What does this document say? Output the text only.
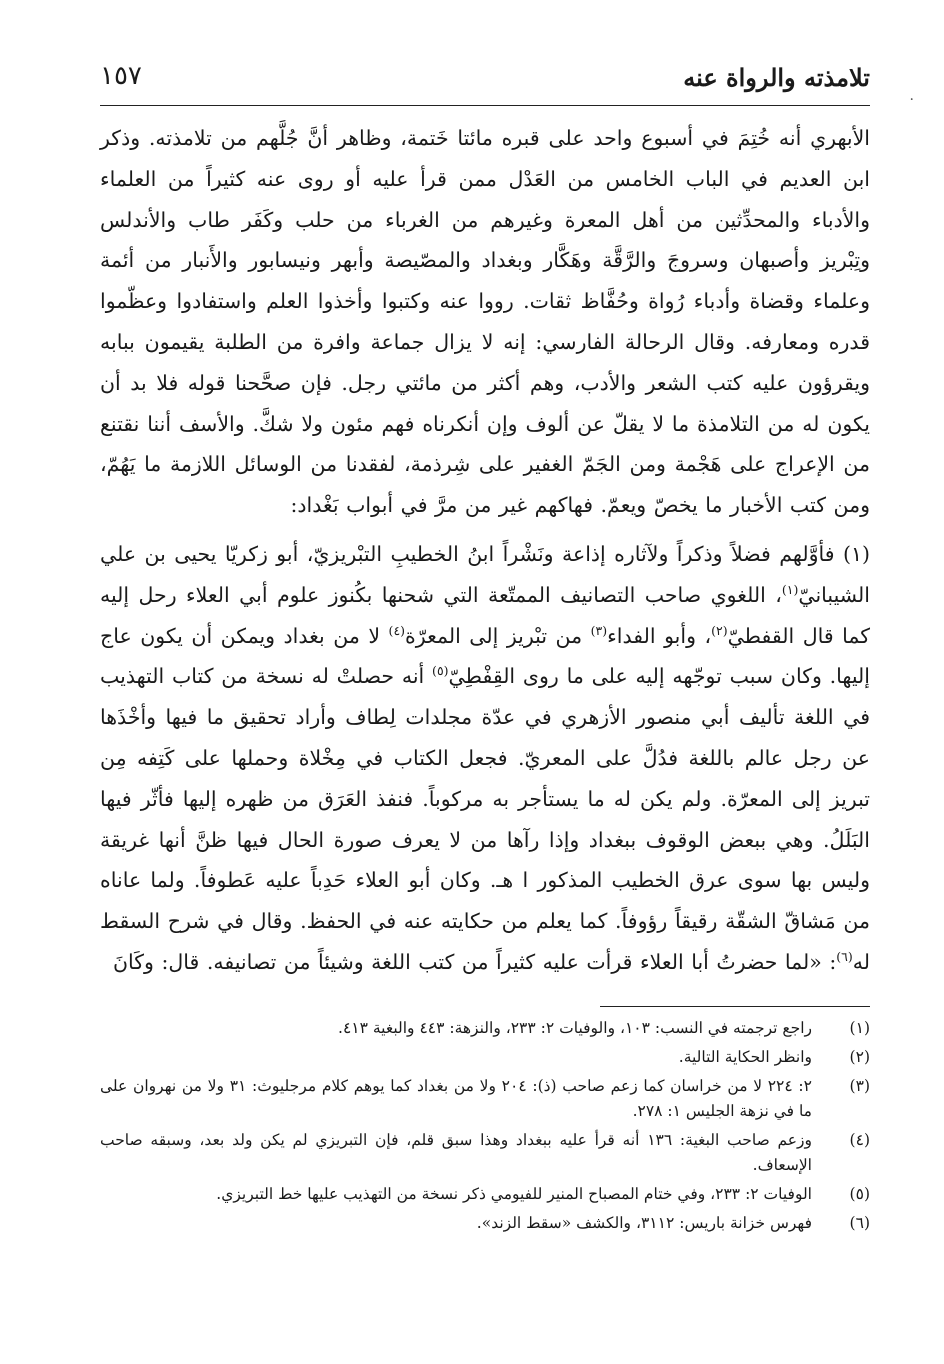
تلامذته والرواة عنه
١٥٧
.

الأبهري أنه خُتِمَ في أسبوع واحد على قبره مائتا خَتمة، وظاهر أنَّ جُلَّهم من تلامذته. وذكر ابن العديم في الباب الخامس من العَدْل ممن قرأ عليه أو روى عنه كثيراً من العلماء والأدباء والمحدِّثين من أهل المعرة وغيرهم من الغرباء من حلب وكَفَر طاب والأندلس وتِبْريز وأصبهان وسروجَ والرَّقَّة وهَكَّار وبغداد والمصّيصة وأبهر ونيسابور والأَنبار من أئمة وعلماء وقضاة وأدباء رُواة وحُفَّاظ ثقات. رووا عنه وكتبوا وأخذوا العلم واستفادوا وعظّموا قدره ومعارفه. وقال الرحالة الفارسي: إنه لا يزال جماعة وافرة من الطلبة يقيمون ببابه ويقرؤون عليه كتب الشعر والأدب، وهم أكثر من مائتي رجل. فإن صحَّحنا قوله فلا بد أن يكون له من التلامذة ما لا يقلّ عن ألوف وإن أنكرناه فهم مئون ولا شكَّ. والأسف أننا نقتنع من الإعراج على هَجْمة ومن الجَمّ الغفير على شِرذمة، لفقدنا من الوسائل اللازمة ما يَهُمّ، ومن كتب الأخبار ما يخصّ ويعمّ. فهاكهم غير من مرَّ في أبواب بَغْداد:

(١) فأوَّلهم فضلاً وذكراً ولآثاره إذاعة ونَشْراً ابنُ الخطيبِ التبْريزيّ، أبو زكريّا يحيى بن علي الشيبانيّ$^{(١)}$، اللغوي صاحب التصانيف الممتّعة التي شحنها بكُنوز علوم أبي العلاء رحل إليه كما قال القفطيّ$^{(٢)}$، وأبو الفداء$^{(٣)}$ من تبْريز إلى المعرّة$^{(٤)}$ لا من بغداد ويمكن أن يكون عاج إليها. وكان سبب توجّهه إليه على ما روى القِفْطِيّ$^{(٥)}$ أنه حصلتْ له نسخة من كتاب التهذيب في اللغة تأليف أبي منصور الأزهري في عدّة مجلدات لِطاف وأراد تحقيق ما فيها وأخْذَها عن رجل عالم باللغة فدُلَّ على المعريّ. فجعل الكتاب في مِخْلاة وحملها على كَتِفه مِن تبريز إلى المعرّة. ولم يكن له ما يستأجر به مركوباً. فنفذ العَرَق من ظهره إليها فأثّر فيها البَلَلُ. وهي ببعض الوقوف ببغداد وإذا رآها من لا يعرف صورة الحال فيها ظنَّ أنها غريقة وليس بها سوى عرق الخطيب المذكور ا هـ. وكان أبو العلاء حَدِباً عليه عَطوفاً. ولما عاناه من مَشاقّ الشقّة رقيقاً رؤوفاً. كما يعلم من حكايته عنه في الحفظ. وقال في شرح السقط له$^{(٦)}$: «لما حضرتُ أبا العلاء قرأت عليه كثيراً من كتب اللغة وشيئاً من تصانيفه. قال: وكَانَ

(١)
راجع ترجمته في النسب: ١٠٣، والوفيات ٢: ٢٣٣، والنزهة: ٤٤٣ والبغية ٤١٣.
(٢)
وانظر الحكاية التالية.
(٣)
٢: ٢٢٤ لا من خراسان كما زعم صاحب (ذ): ٢٠٤ ولا من بغداد كما يوهم كلام مرجليوث: ٣١ ولا من نهروان على ما في نزهة الجليس ١: ٢٧٨.
(٤)
وزعم صاحب البغية: ١٣٦ أنه قرأ عليه ببغداد وهذا سبق قلم، فإن التبريزي لم يكن ولد بعد، وسبقه صاحب الإسعاف.
(٥)
الوفيات ٢: ٢٣٣، وفي ختام المصباح المنير للفيومي ذكر نسخة من التهذيب عليها خط التبريزي.
(٦)
فهرس خزانة باريس: ٣١١٢، والكشف «سقط الزند».
